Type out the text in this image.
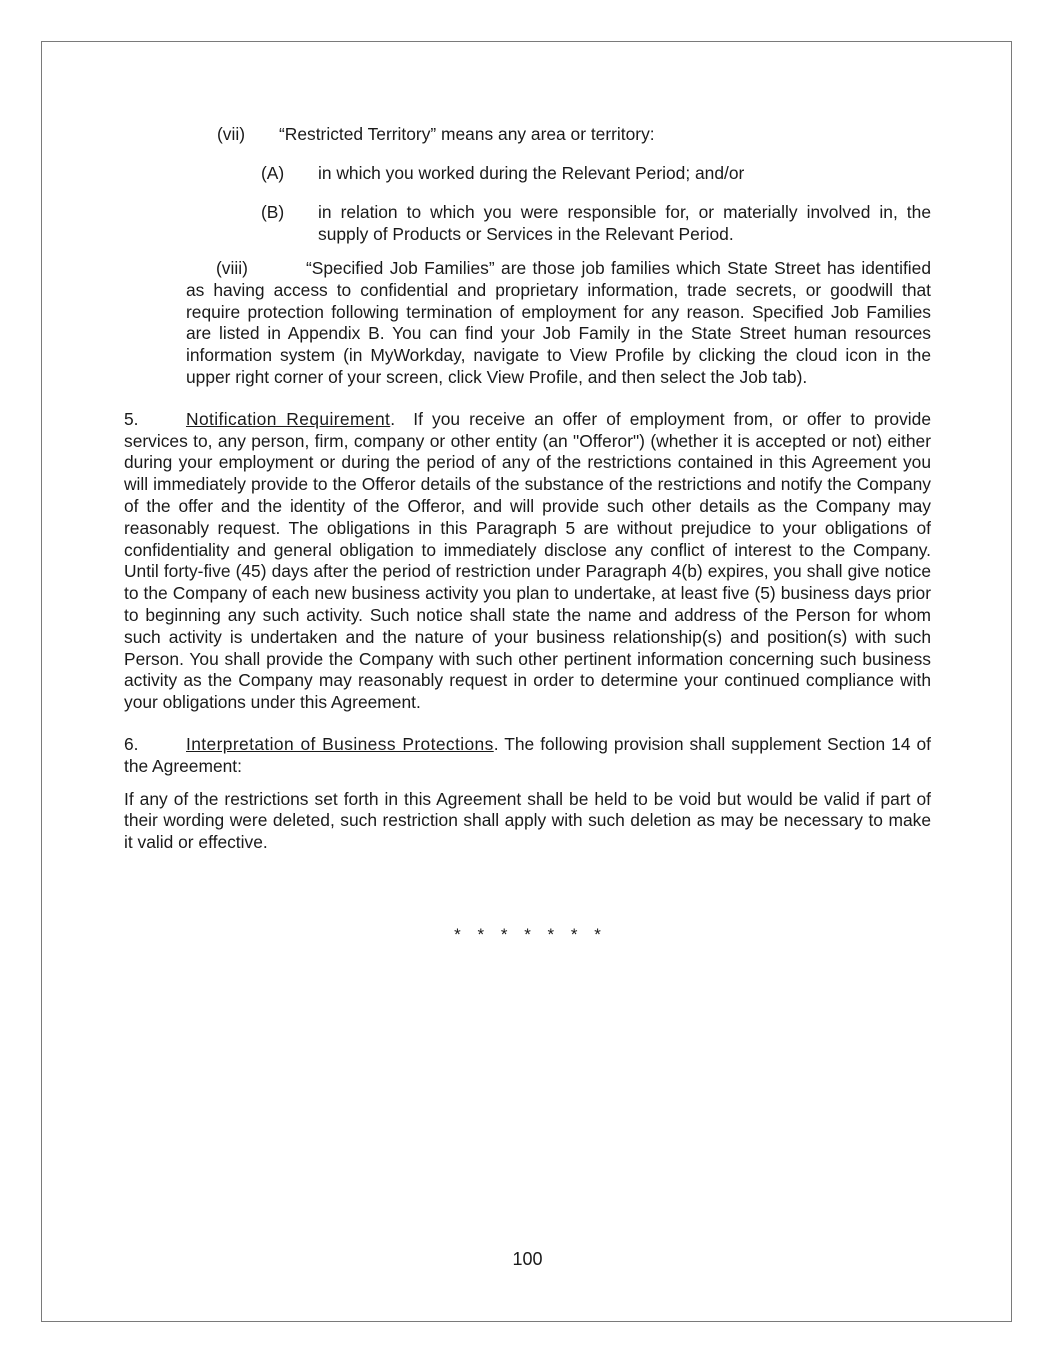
(vii) “Restricted Territory” means any area or territory:

(A) in which you worked during the Relevant Period; and/or

(B) in relation to which you were responsible for, or materially involved in, the supply of Products or Services in the Relevant Period.

(viii)	“Specified Job Families” are those job families which State Street has identified as having access to confidential and proprietary information, trade secrets, or goodwill that require protection following termination of employment for any reason. Specified Job Families are listed in Appendix B. You can find your Job Family in the State Street human resources information system (in MyWorkday, navigate to View Profile by clicking the cloud icon in the upper right corner of your screen, click View Profile, and then select the Job tab).

5.	Notification Requirement. If you receive an offer of employment from, or offer to provide services to, any person, firm, company or other entity (an "Offeror") (whether it is accepted or not) either during your employment or during the period of any of the restrictions contained in this Agreement you will immediately provide to the Offeror details of the substance of the restrictions and notify the Company of the offer and the identity of the Offeror, and will provide such other details as the Company may reasonably request. The obligations in this Paragraph 5 are without prejudice to your obligations of confidentiality and general obligation to immediately disclose any conflict of interest to the Company. Until forty-five (45) days after the period of restriction under Paragraph 4(b) expires, you shall give notice to the Company of each new business activity you plan to undertake, at least five (5) business days prior to beginning any such activity. Such notice shall state the name and address of the Person for whom such activity is undertaken and the nature of your business relationship(s) and position(s) with such Person. You shall provide the Company with such other pertinent information concerning such business activity as the Company may reasonably request in order to determine your continued compliance with your obligations under this Agreement.

6.	Interpretation of Business Protections. The following provision shall supplement Section 14 of the Agreement:

If any of the restrictions set forth in this Agreement shall be held to be void but would be valid if part of their wording were deleted, such restriction shall apply with such deletion as may be necessary to make it valid or effective.

* * * * * * *
100
